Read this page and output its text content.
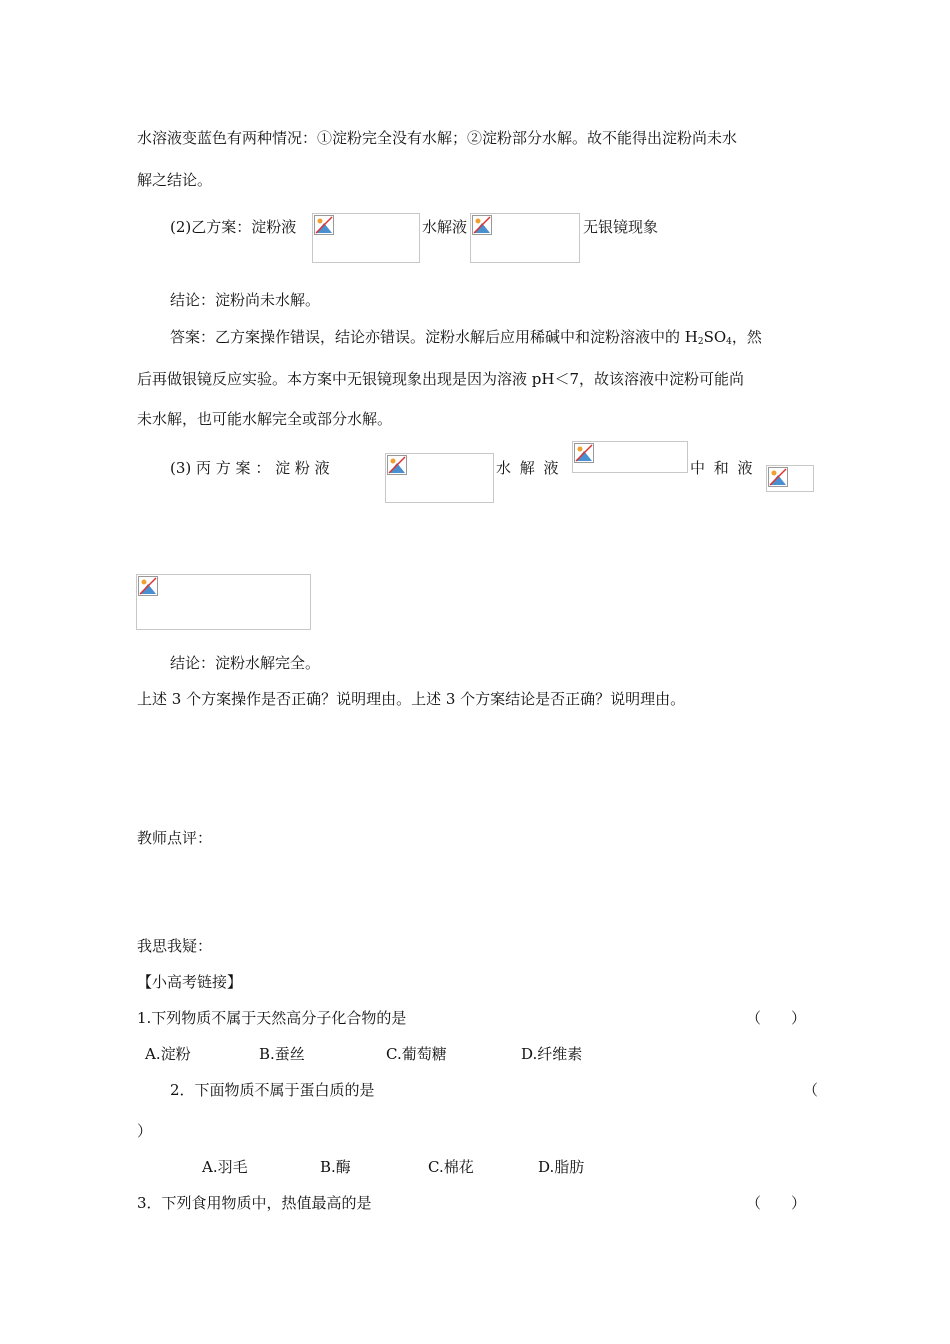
水溶液变蓝色有两种情况：①淀粉完全没有水解；②淀粉部分水解。故不能得出淀粉尚未水
解之结论。
(2)乙方案：淀粉液	水解液	无银镜现象
结论：淀粉尚未水解。
答案：乙方案操作错误，结论亦错误。淀粉水解后应用稀碱中和淀粉溶液中的 $H_2SO_4$，然
后再做银镜反应实验。本方案中无银镜现象出现是因为溶液 pH＜7，故该溶液中淀粉可能尚
未水解，也可能水解完全或部分水解。
(3) 丙 方 案 ： 淀 粉 液	水 解 液	中 和 液
结论：淀粉水解完全。
上述 3 个方案操作是否正确？说明理由。上述 3 个方案结论是否正确？说明理由。
教师点评：
我思我疑：
【小高考链接】
1.下列物质不属于天然高分子化合物的是	（　　）
A.淀粉	B.蚕丝	C.葡萄糖	D.纤维素
2．下面物质不属于蛋白质的是	（
）
A.羽毛	B.酶	C.棉花	D.脂肪
3．下列食用物质中，热值最高的是	（　　）
